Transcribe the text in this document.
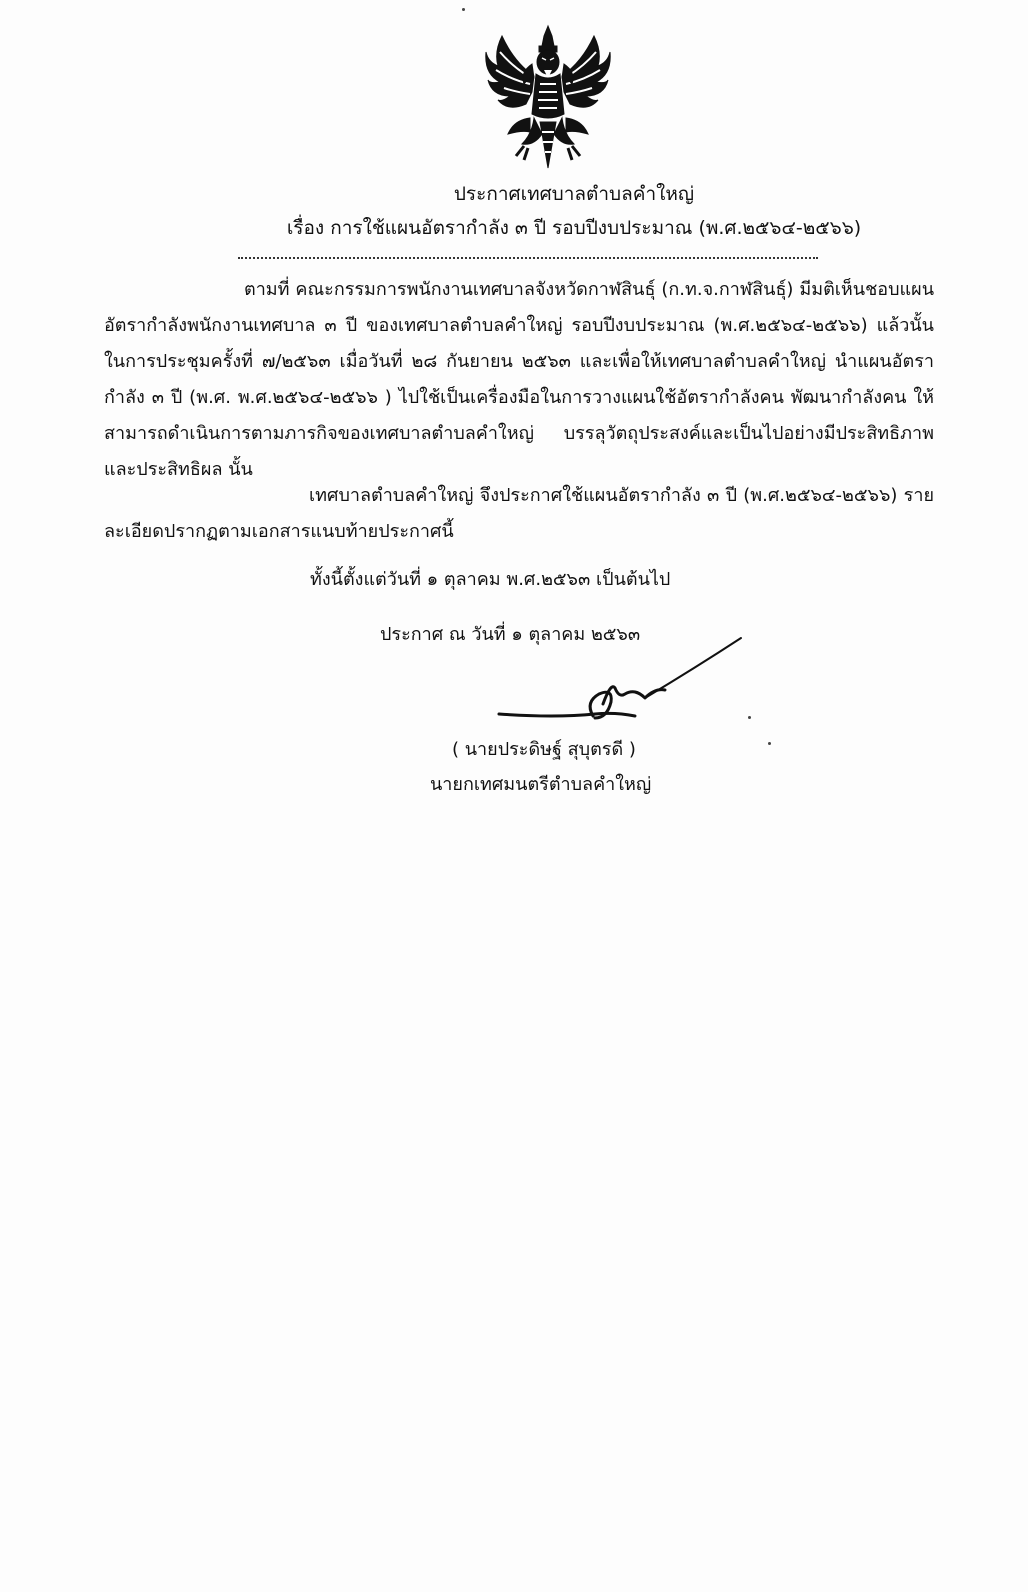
ประกาศเทศบาลตำบลคำใหญ่
เรื่อง การใช้แผนอัตรากำลัง ๓ ปี รอบปีงบประมาณ (พ.ศ.๒๕๖๔-๒๕๖๖)
ตามที่ คณะกรรมการพนักงานเทศบาลจังหวัดกาฬสินธุ์ (ก.ท.จ.กาฬสินธุ์) มีมติเห็นชอบแผนอัตรากำลังพนักงานเทศบาล ๓ ปี ของเทศบาลตำบลคำใหญ่ รอบปีงบประมาณ (พ.ศ.๒๕๖๔-๒๕๖๖) แล้วนั้น ในการประชุมครั้งที่ ๗/๒๕๖๓ เมื่อวันที่ ๒๘ กันยายน ๒๕๖๓ และเพื่อให้เทศบาลตำบลคำใหญ่ นำแผนอัตรากำลัง ๓ ปี (พ.ศ. พ.ศ.๒๕๖๔-๒๕๖๖ ) ไปใช้เป็นเครื่องมือในการวางแผนใช้อัตรากำลังคน พัฒนากำลังคน ให้สามารถดำเนินการตามภารกิจของเทศบาลตำบลคำใหญ่ บรรลุวัตถุประสงค์และเป็นไปอย่างมีประสิทธิภาพและประสิทธิผล นั้น
เทศบาลตำบลคำใหญ่ จึงประกาศใช้แผนอัตรากำลัง ๓ ปี (พ.ศ.๒๕๖๔-๒๕๖๖) รายละเอียดปรากฏตามเอกสารแนบท้ายประกาศนี้
ทั้งนี้ตั้งแต่วันที่ ๑ ตุลาคม พ.ศ.๒๕๖๓ เป็นต้นไป
ประกาศ ณ วันที่ ๑ ตุลาคม ๒๕๖๓
( นายประดิษฐ์ สุบุตรดี )
นายกเทศมนตรีตำบลคำใหญ่
